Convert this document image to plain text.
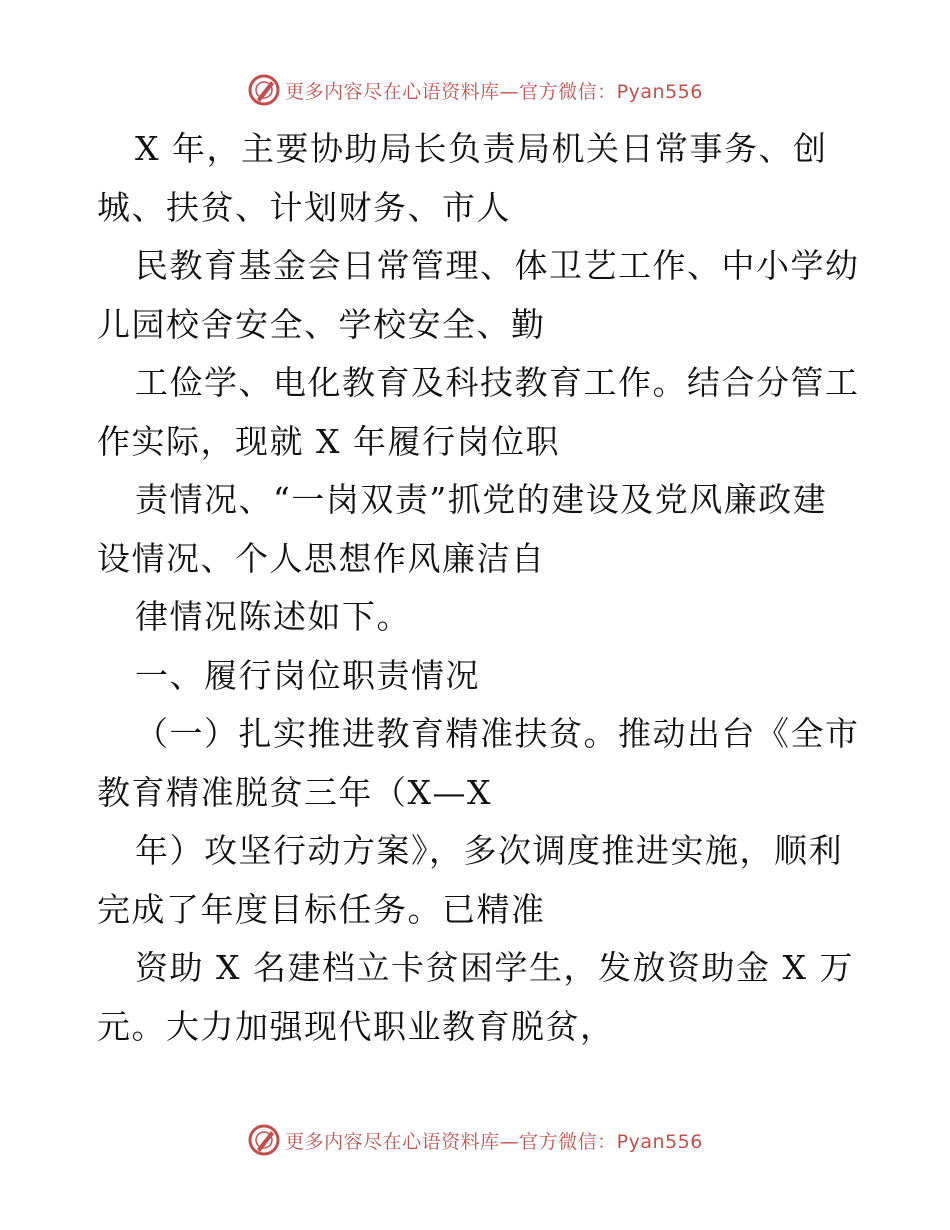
更多内容尽在心语资料库—官方微信：Pyan556
X 年，主要协助局长负责局机关日常事务、创
城、扶贫、计划财务、市人
民教育基金会日常管理、体卫艺工作、中小学幼
儿园校舍安全、学校安全、勤
工俭学、电化教育及科技教育工作。结合分管工
作实际，现就 X 年履行岗位职
责情况、“一岗双责”抓党的建设及党风廉政建
设情况、个人思想作风廉洁自
律情况陈述如下。
一、履行岗位职责情况
（一）扎实推进教育精准扶贫。推动出台《全市
教育精准脱贫三年（X—X
年）攻坚行动方案》，多次调度推进实施，顺利
完成了年度目标任务。已精准
资助 X 名建档立卡贫困学生，发放资助金 X 万
元。大力加强现代职业教育脱贫，
更多内容尽在心语资料库—官方微信：Pyan556
